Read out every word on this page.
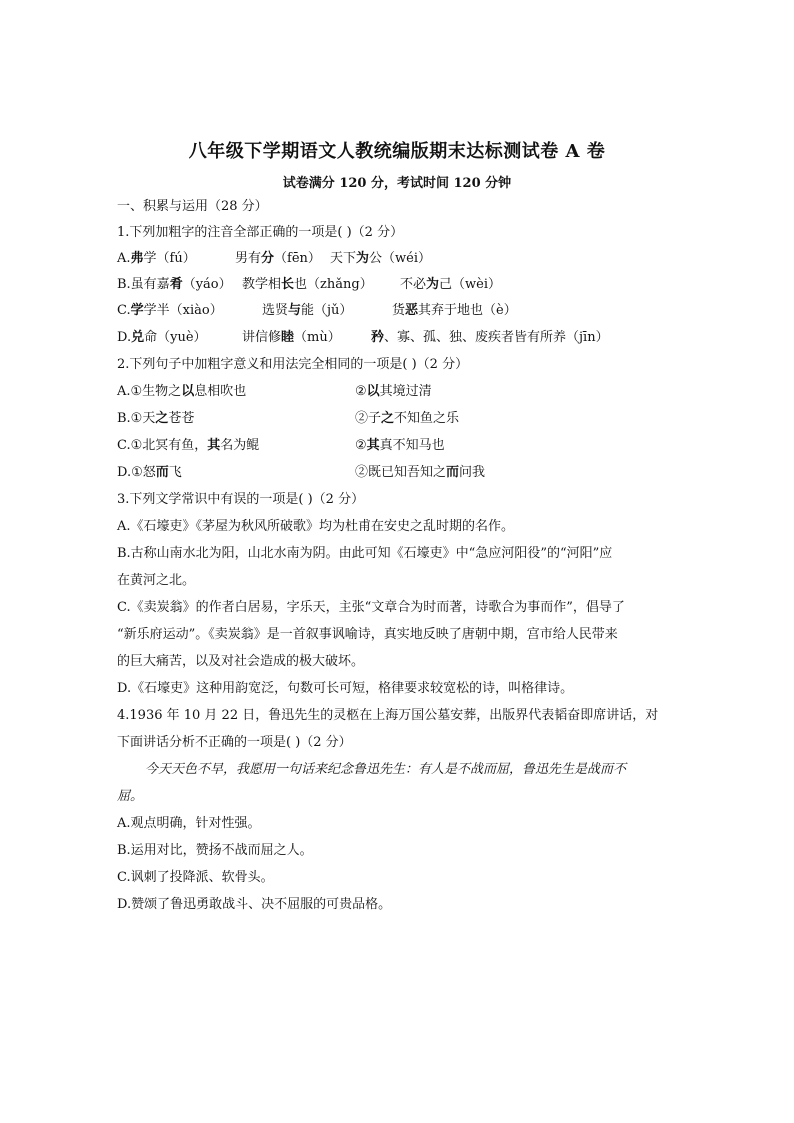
八年级下学期语文人教统编版期末达标测试卷 A 卷
试卷满分 120 分，考试时间 120 分钟
一、积累与运用（28 分）
1.下列加粗字的注音全部正确的一项是( )（2 分）
A.弗学（fú）	男有分（fēn） 天下为公（wéi）
B.虽有嘉肴（yáo） 教学相长也（zhǎng） 不必为己（wèi）
C.学学半（xiào）	选贤与能（jǔ）	货恶其弃于地也（è）
D.兑命（yuè）	讲信修睦（mù） 矜、寡、孤、独、废疾者皆有所养（jīn）
2.下列句子中加粗字意义和用法完全相同的一项是( )（2 分）
A.①生物之以息相吹也	②以其境过清
B.①天之苍苍	②子之不知鱼之乐
C.①北冥有鱼，其名为鲲	②其真不知马也
D.①怒而飞	②既已知吾知之而问我
3.下列文学常识中有误的一项是( )（2 分）
A.《石壕吏》《茅屋为秋风所破歌》均为杜甫在安史之乱时期的名作。
B.古称山南水北为阳，山北水南为阴。由此可知《石壕吏》中“急应河阳役”的“河阳”应
在黄河之北。
C.《卖炭翁》的作者白居易，字乐天，主张“文章合为时而著，诗歌合为事而作”，倡导了
“新乐府运动”。《卖炭翁》是一首叙事讽喻诗，真实地反映了唐朝中期，宫市给人民带来
的巨大痛苦，以及对社会造成的极大破坏。
D.《石壕吏》这种用韵宽泛，句数可长可短，格律要求较宽松的诗，叫格律诗。
4.1936 年 10 月 22 日，鲁迅先生的灵柩在上海万国公墓安葬，出版界代表韬奋即席讲话，对
下面讲话分析不正确的一项是( )（2 分）
今天天色不早，我愿用一句话来纪念鲁迅先生：有人是不战而屈，鲁迅先生是战而不
屈。
A.观点明确，针对性强。
B.运用对比，赞扬不战而屈之人。
C.讽刺了投降派、软骨头。
D.赞颂了鲁迅勇敢战斗、决不屈服的可贵品格。
